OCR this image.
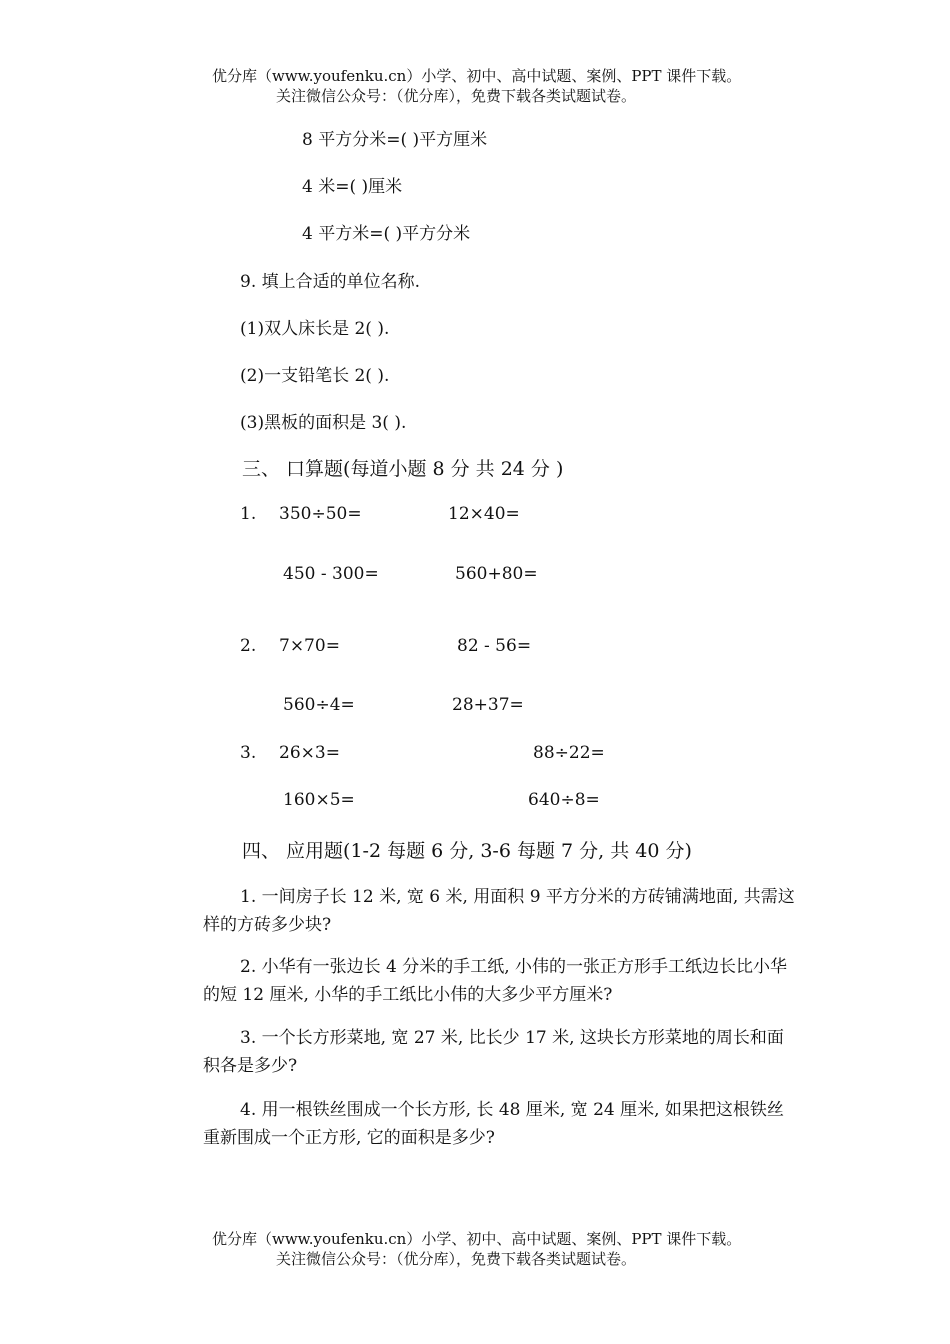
优分库（www.youfenku.cn）小学、初中、高中试题、案例、PPT 课件下载。
关注微信公众号：（优分库），免费下载各类试题试卷。
8 平方分米=( )平方厘米
4 米=( )厘米
4 平方米=( )平方分米
9. 填上合适的单位名称.
(1)双人床长是 2( ).
(2)一支铅笔长 2( ).
(3)黑板的面积是 3( ).
三、 口算题(每道小题 8 分 共 24 分 )
1. 350÷50=	12×40=
450 - 300=	560+80=
2. 7×70=	82 - 56=
560÷4=	28+37=
3. 26×3=	88÷22=
160×5=	640÷8=
四、 应用题(1-2 每题 6 分, 3-6 每题 7 分, 共 40 分)
1. 一间房子长 12 米, 宽 6 米, 用面积 9 平方分米的方砖铺满地面, 共需这样的方砖多少块?
2. 小华有一张边长 4 分米的手工纸, 小伟的一张正方形手工纸边长比小华的短 12 厘米, 小华的手工纸比小伟的大多少平方厘米?
3. 一个长方形菜地, 宽 27 米, 比长少 17 米, 这块长方形菜地的周长和面积各是多少?
4. 用一根铁丝围成一个长方形, 长 48 厘米, 宽 24 厘米, 如果把这根铁丝重新围成一个正方形, 它的面积是多少?
优分库（www.youfenku.cn）小学、初中、高中试题、案例、PPT 课件下载。
关注微信公众号：（优分库），免费下载各类试题试卷。
